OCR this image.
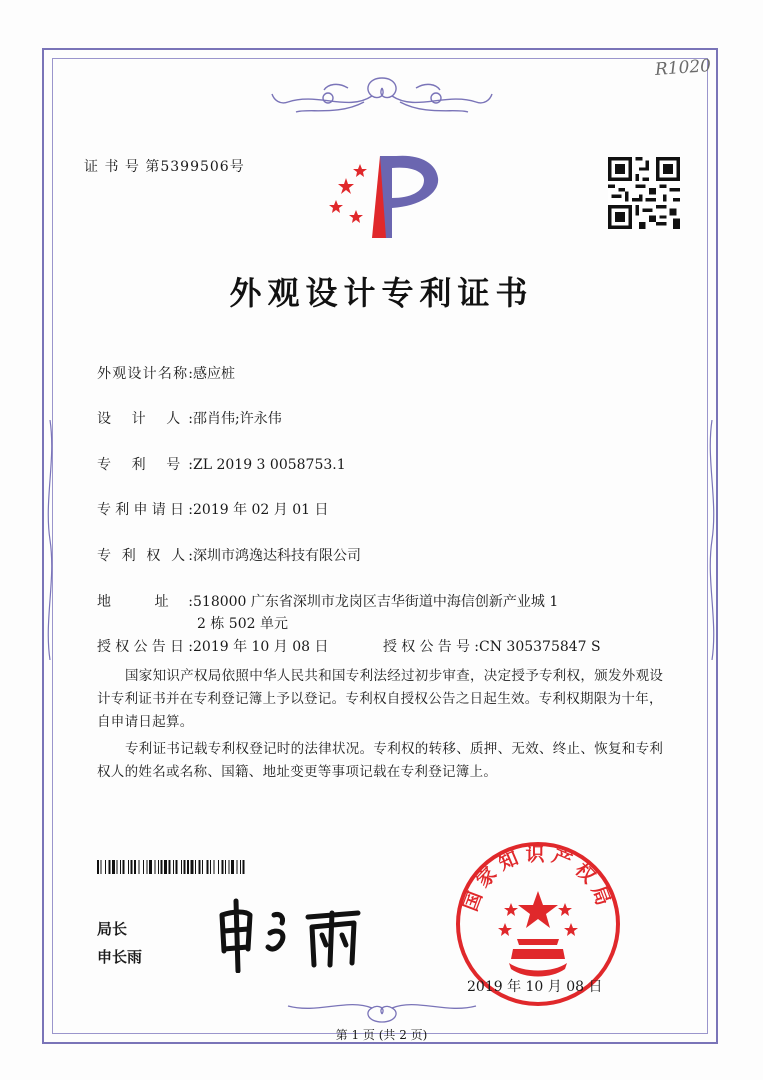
R1020
证 书 号 第5399506号
外观设计专利证书
外观设计名称:感应桩
设 计 人:邵肖伟;许永伟
专 利 号:ZL 2019 3 0058753.1
专利申请日:2019 年 02 月 01 日
专 利 权 人:深圳市鸿逸达科技有限公司
地 址:518000 广东省深圳市龙岗区吉华街道中海信创新产业城 1
2 栋 502 单元
授权公告日:2019 年 10 月 08 日	授权公告号:CN 305375847 S
国家知识产权局依照中华人民共和国专利法经过初步审查，决定授予专利权，颁发外观设计专利证书并在专利登记簿上予以登记。专利权自授权公告之日起生效。专利权期限为十年，自申请日起算。
专利证书记载专利权登记时的法律状况。专利权的转移、质押、无效、终止、恢复和专利权人的姓名或名称、国籍、地址变更等事项记载在专利登记簿上。
局长
申长雨
国家知识产权局
2019 年 10 月 08 日
第 1 页 (共 2 页)
